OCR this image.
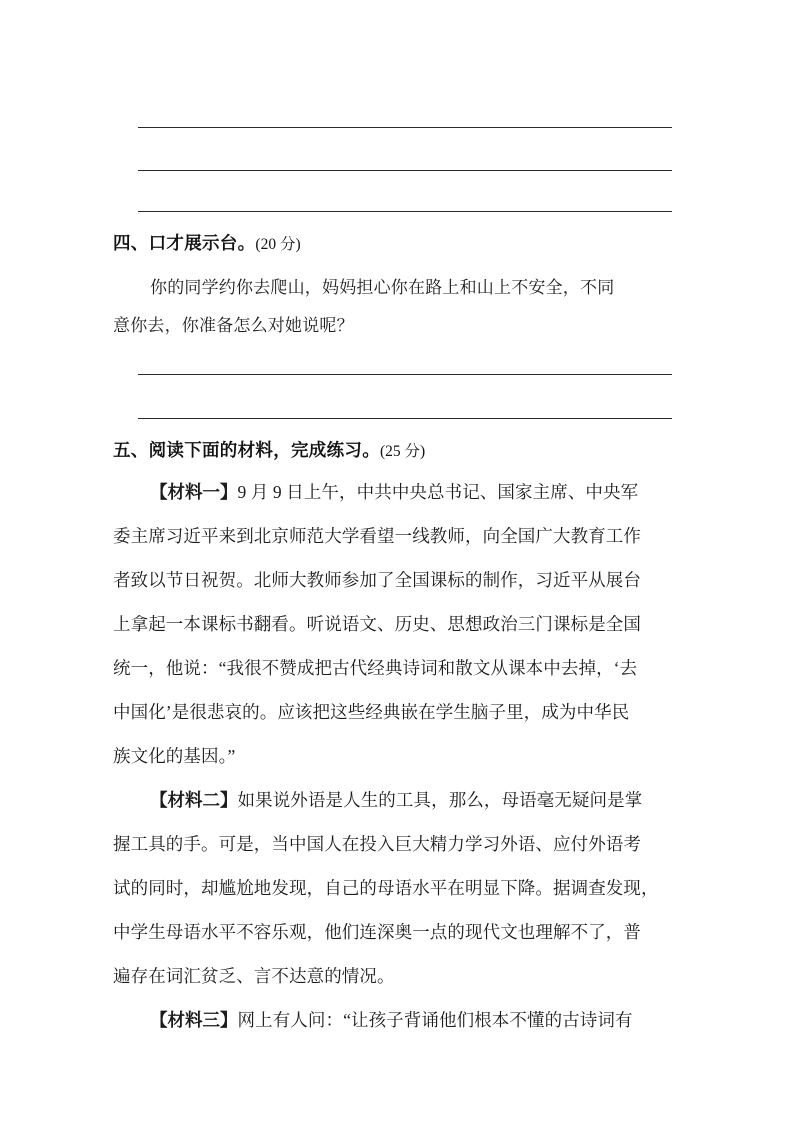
四、口才展示台。(20 分)
你的同学约你去爬山，妈妈担心你在路上和山上不安全，不同
意你去，你准备怎么对她说呢？
五、阅读下面的材料，完成练习。(25 分)
【材料一】9 月 9 日上午，中共中央总书记、国家主席、中央军
委主席习近平来到北京师范大学看望一线教师，向全国广大教育工作
者致以节日祝贺。北师大教师参加了全国课标的制作，习近平从展台
上拿起一本课标书翻看。听说语文、历史、思想政治三门课标是全国
统一，他说：“我很不赞成把古代经典诗词和散文从课本中去掉，‘去
中国化’是很悲哀的。应该把这些经典嵌在学生脑子里，成为中华民
族文化的基因。”
【材料二】如果说外语是人生的工具，那么，母语毫无疑问是掌
握工具的手。可是，当中国人在投入巨大精力学习外语、应付外语考
试的同时，却尴尬地发现，自己的母语水平在明显下降。据调查发现，
中学生母语水平不容乐观，他们连深奥一点的现代文也理解不了，普
遍存在词汇贫乏、言不达意的情况。
【材料三】网上有人问：“让孩子背诵他们根本不懂的古诗词有
